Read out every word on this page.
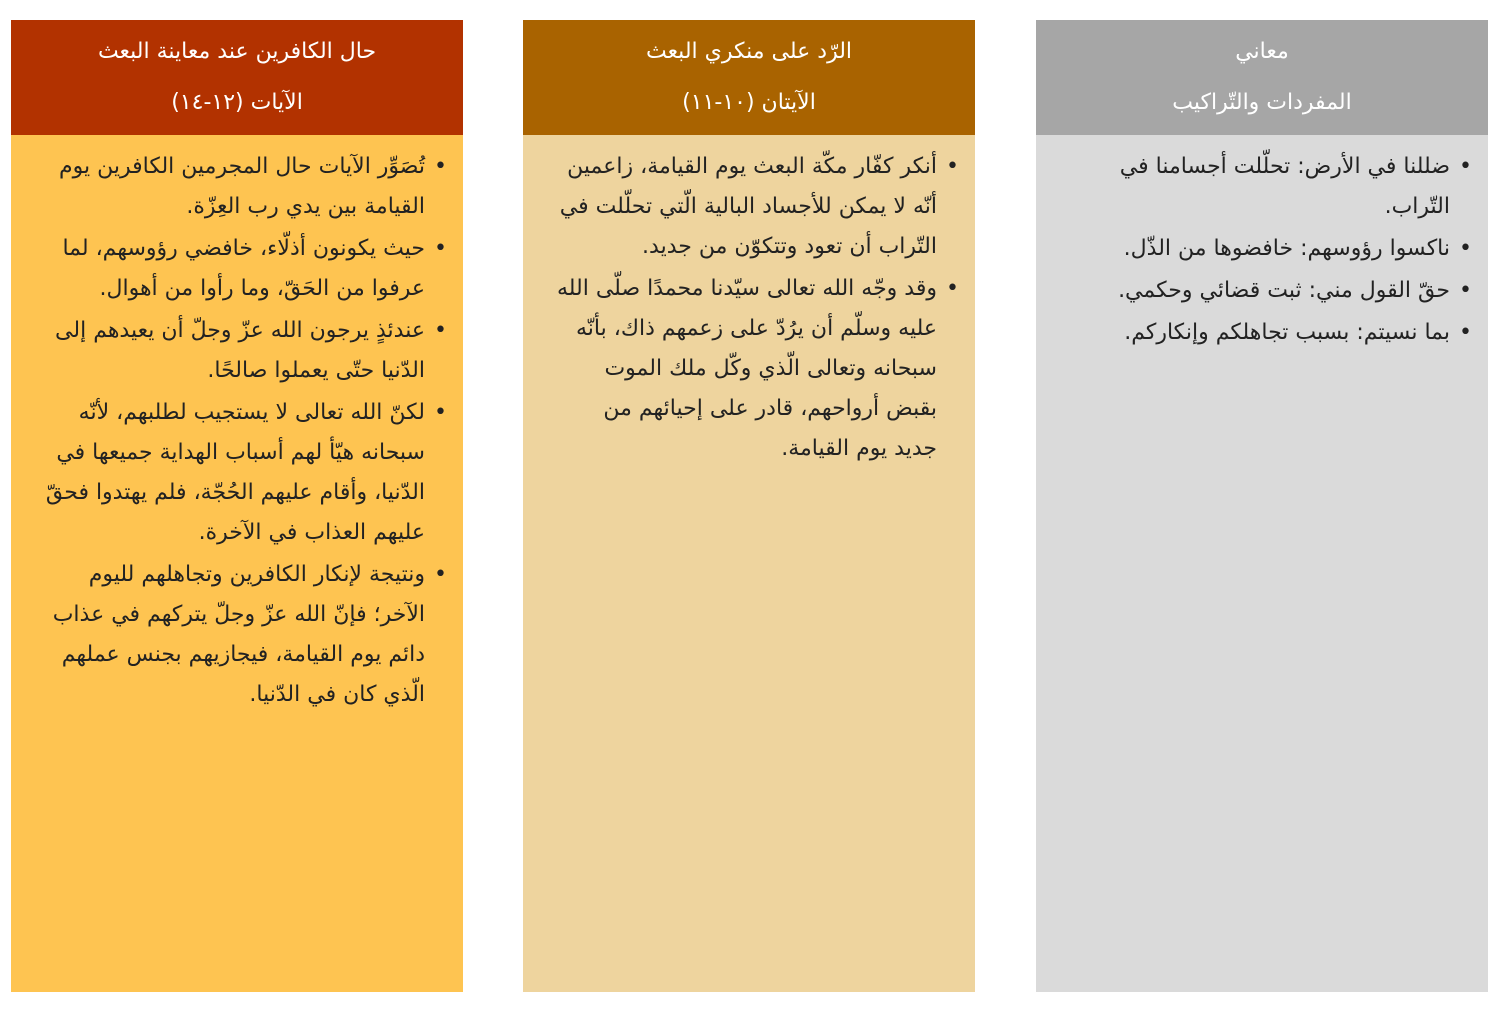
حال الكافرين عند معاينة البعث
الآيات (١٢-١٤)
• تُصَوِّر الآيات حال المجرمين الكافرين يوم القيامة بين يدي رب العِزّة.
• حيث يكونون أذلّاء، خافضي رؤوسهم، لما عرفوا من الحَقّ، وما رأوا من أهوال.
• عندئذٍ يرجون الله عزّ وجلّ أن يعيدهم إلى الدّنيا حتّى يعملوا صالحًا.
• لكنّ الله تعالى لا يستجيب لطلبهم، لأنّه سبحانه هيّأ لهم أسباب الهداية جميعها في الدّنيا، وأقام عليهم الحُجّة، فلم يهتدوا فحقّ عليهم العذاب في الآخرة.
• ونتيجة لإنكار الكافرين وتجاهلهم لليوم الآخر؛ فإنّ الله عزّ وجلّ يتركهم في عذاب دائم يوم القيامة، فيجازيهم بجنس عملهم الّذي كان في الدّنيا.
الرّد على منكري البعث
الآيتان (١٠-١١)
• أنكر كفّار مكّة البعث يوم القيامة، زاعمين أنّه لا يمكن للأجساد البالية الّتي تحلّلت في التّراب أن تعود وتتكوّن من جديد.
• وقد وجّه الله تعالى سيّدنا محمدًا صلّى الله عليه وسلّم أن يرُدّ على زعمهم ذاك، بأنّه سبحانه وتعالى الّذي وكّل ملك الموت بقبض أرواحهم، قادر على إحيائهم من جديد يوم القيامة.
معاني
المفردات والتّراكيب
• ضللنا في الأرض: تحلّلت أجسامنا في التّراب.
• ناكسوا رؤوسهم: خافضوها من الذّل.
• حقّ القول مني: ثبت قضائي وحكمي.
• بما نسيتم: بسبب تجاهلكم وإنكاركم.
